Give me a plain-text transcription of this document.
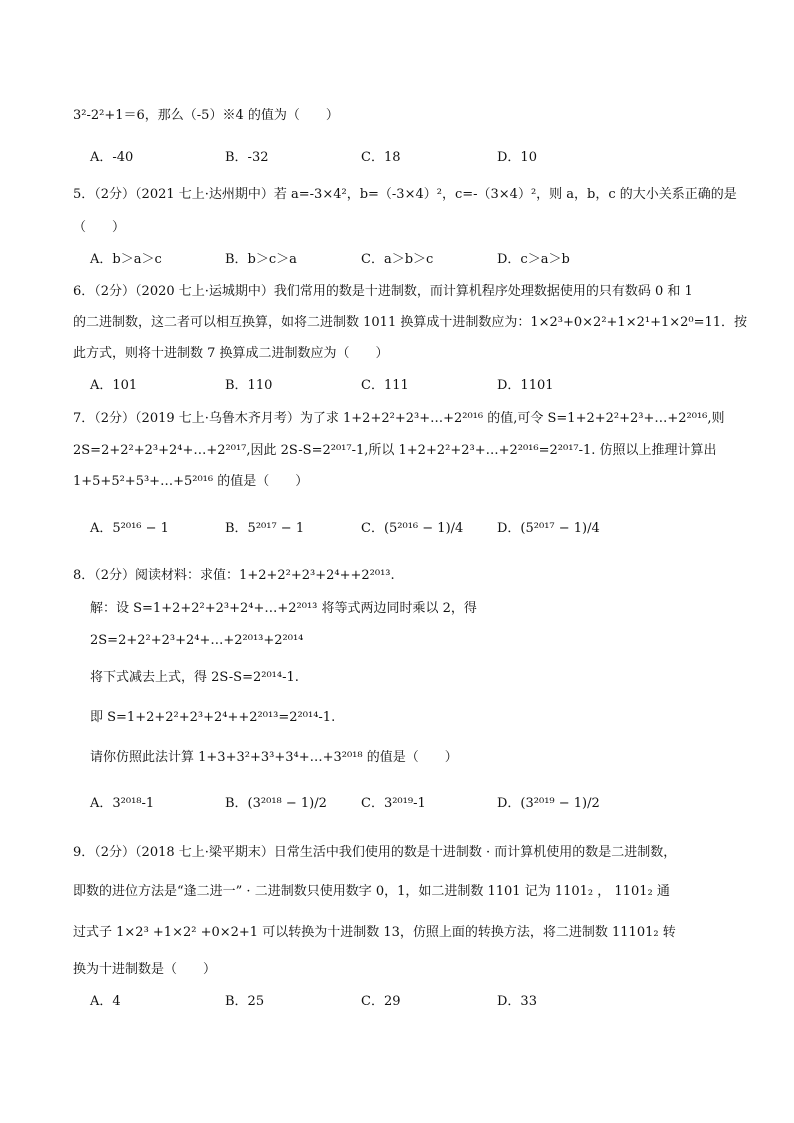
3²-2²+1＝6，那么（-5）※4 的值为（　　）
A．-40	B．-32	C．18	D．10
5．（2分）（2021 七上·达州期中）若 a=-3×4²，b=（-3×4）²，c=-（3×4）²，则 a，b，c 的大小关系正确的是
（　　）
A．b＞a＞c	B．b＞c＞a	C．a＞b＞c	D．c＞a＞b
6．（2分）（2020 七上·运城期中）我们常用的数是十进制数，而计算机程序处理数据使用的只有数码 0 和 1
的二进制数，这二者可以相互换算，如将二进制数 1011 换算成十进制数应为：1×2³+0×2²+1×2¹+1×2⁰=11．按
此方式，则将十进制数 7 换算成二进制数应为（　　）
A．101	B．110	C．111	D．1101
7．（2分）（2019 七上·乌鲁木齐月考）为了求 1+2+2²+2³+…+2²⁰¹⁶ 的值,可令 S=1+2+2²+2³+…+2²⁰¹⁶,则
2S=2+2²+2³+2⁴+…+2²⁰¹⁷,因此 2S-S=2²⁰¹⁷-1,所以 1+2+2²+2³+…+2²⁰¹⁶=2²⁰¹⁷-1. 仿照以上推理计算出
1+5+5²+5³+…+5²⁰¹⁶ 的值是（　　）
A．5²⁰¹⁶ − 1	B．5²⁰¹⁷ − 1	C．(5²⁰¹⁶ − 1)/4	D．(5²⁰¹⁷ − 1)/4
8．（2分）阅读材料：求值：1+2+2²+2³+2⁴++2²⁰¹³.
解：设 S=1+2+2²+2³+2⁴+…+2²⁰¹³ 将等式两边同时乘以 2，得
2S=2+2²+2³+2⁴+…+2²⁰¹³+2²⁰¹⁴
将下式减去上式，得 2S-S=2²⁰¹⁴-1.
即 S=1+2+2²+2³+2⁴++2²⁰¹³=2²⁰¹⁴-1.
请你仿照此法计算 1+3+3²+3³+3⁴+…+3²⁰¹⁸ 的值是（　　）
A．3²⁰¹⁸-1	B．(3²⁰¹⁸ − 1)/2	C．3²⁰¹⁹-1	D．(3²⁰¹⁹ − 1)/2
9．（2分）（2018 七上·梁平期末）日常生活中我们使用的数是十进制数 · 而计算机使用的数是二进制数，
即数的进位方法是“逢二进一” · 二进制数只使用数字 0，1，如二进制数 1101 记为 1101₂ ， 1101₂ 通
过式子 1×2³ +1×2² +0×2+1 可以转换为十进制数 13，仿照上面的转换方法，将二进制数 11101₂ 转
换为十进制数是（　　）
A．4	B．25	C．29	D．33
